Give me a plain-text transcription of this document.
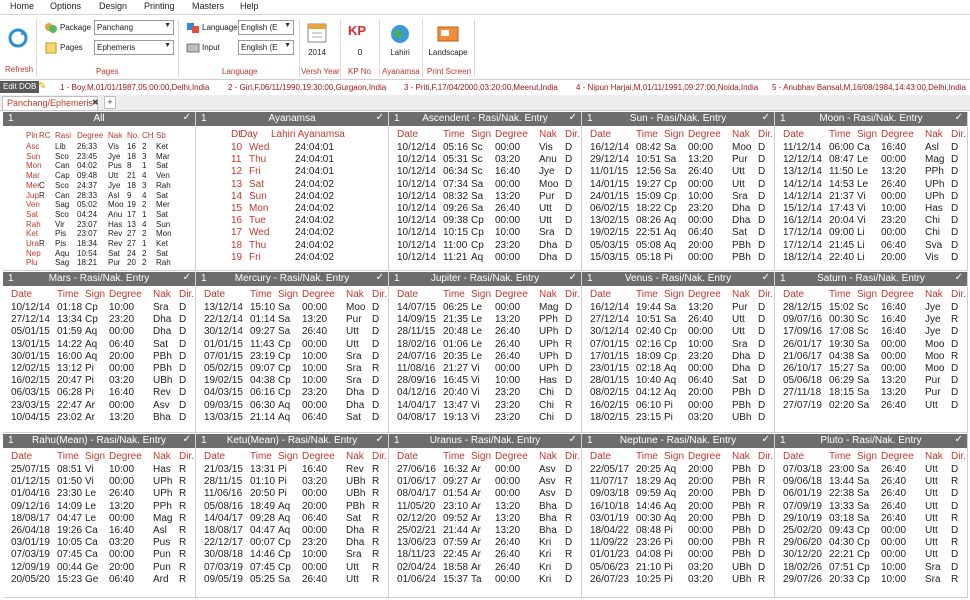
Home Options Design Printing Masters Help
Refresh
Package Panchang	▼
Pages	Ephemeris	▼
Pages
Language English (E ▼
Input	English (E ▼
Language
2014
Versh Year
KP
0
KP No
Lahiri
Ayanamsa
Landscape
Print Screen
Edit DOB ✎ 1 - Boy,M,01/01/1987,05:00:00,Delhi,India 2 - Girl,F,06/11/1990,19:30:00,Gurgaon,India 3 - Priti,F,17/04/2000,03:20:00,Meerut,India 4 - Nipun Harjai,M,01/11/1991,09:27:00,Noida,India 5 - Anubhav Bansal,M,16/08/1984,14:43:00,Delhi,India
Panchang/Ephemeris
✖ +
1	All	✓
Pln RC Rasi Degree Nak No. CH Sb
Asc Lib 26:33 Vis 16 2 Ket
Sun Sco 23:45 Jye 18 3 Mar
Mon Can 04:02 Pus 8 1 Sat
Mar Cap 09:48 Utt 21 4 Ven
Mer C Sco 24:37 Jye 18 3 Rah
Jup R Can 28:33 Asl 9 4 Sat
Ven Sag 05:02 Moo 19 2 Mer
Sat Sco 04:24 Anu 17 1 Sat
Rah Vir 23:07 Has 13 4 Sun
Ket Pis 23:07 Rev 27 2 Mon
Ura R Pis 18:34 Rev 27 1 Ket
Nep Aqu 10:54 Sat 24 2 Sat
Plu Sag 18:21 Pur 20 2 Rah
1	Ayanamsa	✓
Dt Day Lahiri Ayanamsa
10 Wed	24:04:01
11 Thu	24:04:01
12 Fri	24:04:01
13 Sat	24:04:02
14 Sun	24:04:02
15 Mon	24:04:02
16 Tue	24:04:02
17 Wed	24:04:02
18 Thu	24:04:02
19 Fri	24:04:02
1	Ascendent - Rasi/Nak. Entry	✓
Date Time Sign Degree Nak Dir.
10/12/14 05:16 Sc 00:00 Vis D
10/12/14 05:31 Sc 03:20 Anu D
10/12/14 06:34 Sc 16:40 Jye D
10/12/14 07:34 Sa 00:00 Moo D
10/12/14 08:32 Sa 13:20 Pur D
10/12/14 09:26 Sa 26:40 Utt D
10/12/14 09:38 Cp 00:00 Utt D
10/12/14 10:15 Cp 10:00 Sra D
10/12/14 11:00 Cp 23:20 Dha D
10/12/14 11:21 Aq 00:00 Dha D
1	Sun - Rasi/Nak. Entry	✓
Date Time Sign Degree Nak Dir.
16/12/14 08:42 Sa 00:00 Moo D
29/12/14 10:51 Sa 13:20 Pur D
11/01/15 12:56 Sa 26:40 Utt D
14/01/15 19:27 Cp 00:00 Utt D
24/01/15 15:09 Cp 10:00 Sra D
06/02/15 18:22 Cp 23:20 Dha D
13/02/15 08:26 Aq 00:00 Dha D
19/02/15 22:51 Aq 06:40 Sat D
05/03/15 05:08 Aq 20:00 PBh D
15/03/15 05:18 Pi 00:00 PBh D
1	Moon - Rasi/Nak. Entry	✓
Date Time Sign Degree Nak Dir.
11/12/14 06:00 Ca 16:40 Asl D
12/12/14 08:47 Le 00:00 Mag D
13/12/14 11:50 Le 13:20 PPh D
14/12/14 14:53 Le 26:40 UPh D
14/12/14 21:37 Vi 00:00 UPh D
15/12/14 17:43 Vi 10:00 Has D
16/12/14 20:04 Vi 23:20 Chi D
17/12/14 09:00 Li 00:00 Chi D
17/12/14 21:45 Li 06:40 Sva D
18/12/14 22:40 Li 20:00 Vis D
1	Mars - Rasi/Nak. Entry	✓
Date Time Sign Degree Nak Dir.
10/12/14 01:18 Cp 10:00 Sra D
27/12/14 13:34 Cp 23:20 Dha D
05/01/15 01:59 Aq 00:00 Dha D
13/01/15 14:22 Aq 06:40 Sat D
30/01/15 16:00 Aq 20:00 PBh D
12/02/15 13:12 Pi 00:00 PBh D
16/02/15 20:47 Pi 03:20 UBh D
06/03/15 06:28 Pi 16:40 Rev D
23/03/15 22:47 Ar 00:00 Asv D
10/04/15 23:02 Ar 13:20 Bha D
1	Mercury - Rasi/Nak. Entry	✓
Date Time Sign Degree Nak Dir.
13/12/14 15:10 Sa 00:00 Moo D
22/12/14 01:14 Sa 13:20 Pur D
30/12/14 09:27 Sa 26:40 Utt D
01/01/15 11:43 Cp 00:00 Utt D
07/01/15 23:19 Cp 10:00 Sra D
05/02/15 09:07 Cp 10:00 Sra R
19/02/15 04:38 Cp 10:00 Sra D
04/03/15 06:16 Cp 23:20 Dha D
09/03/15 06:30 Aq 00:00 Dha D
13/03/15 21:14 Aq 06:40 Sat D
1	Jupiter - Rasi/Nak. Entry	✓
Date Time Sign Degree Nak Dir.
14/07/15 06:25 Le 00:00 Mag D
14/09/15 21:35 Le 13:20 PPh D
28/11/15 20:48 Le 26:40 UPh D
18/02/16 01:06 Le 26:40 UPh R
24/07/16 20:35 Le 26:40 UPh D
11/08/16 21:27 Vi 00:00 UPh D
28/09/16 16:45 Vi 10:00 Has D
04/12/16 20:40 Vi 23:20 Chi D
14/04/17 13:47 Vi 23:20 Chi R
04/08/17 19:13 Vi 23:20 Chi D
1	Venus - Rasi/Nak. Entry	✓
Date Time Sign Degree Nak Dir.
16/12/14 19:44 Sa 13:20 Pur D
27/12/14 10:51 Sa 26:40 Utt D
30/12/14 02:40 Cp 00:00 Utt D
07/01/15 02:16 Cp 10:00 Sra D
17/01/15 18:09 Cp 23:20 Dha D
23/01/15 02:18 Aq 00:00 Dha D
28/01/15 10:40 Aq 06:40 Sat D
08/02/15 04:12 Aq 20:00 PBh D
16/02/15 06:10 Pi 00:00 PBh D
18/02/15 23:15 Pi 03:20 UBh D
1	Saturn - Rasi/Nak. Entry	✓
Date Time Sign Degree Nak Dir.
28/12/15 15:02 Sc 16:40 Jye D
09/07/16 00:30 Sc 16:40 Jye R
17/09/16 17:08 Sc 16:40 Jye D
26/01/17 19:30 Sa 00:00 Moo D
21/06/17 04:38 Sa 00:00 Moo R
26/10/17 15:27 Sa 00:00 Moo D
05/06/18 06:29 Sa 13:20 Pur D
27/11/18 18:15 Sa 13:20 Pur D
27/07/19 02:20 Sa 26:40 Utt D
1	Rahu(Mean) - Rasi/Nak. Entry	✓
Date Time Sign Degree Nak Dir.
25/07/15 08:51 Vi 10:00 Has R
01/12/15 01:50 Vi 00:00 UPh R
01/04/16 23:30 Le 26:40 UPh R
09/12/16 14:09 Le 13:20 PPh R
18/08/17 04:47 Le 00:00 Mag R
26/04/18 19:26 Ca 16:40 Asl R
03/01/19 10:05 Ca 03:20 Pus R
07/03/19 07:45 Ca 00:00 Pun R
12/09/19 00:44 Ge 20:00 Pun R
20/05/20 15:23 Ge 06:40 Ard R
1	Ketu(Mean) - Rasi/Nak. Entry	✓
Date Time Sign Degree Nak Dir.
21/03/15 13:31 Pi 16:40 Rev R
28/11/15 01:10 Pi 03:20 UBh R
11/06/16 20:50 Pi 00:00 UBh R
05/08/16 18:49 Aq 20:00 PBh R
14/04/17 09:28 Aq 06:40 Sat R
18/08/17 04:47 Aq 00:00 Dha R
22/12/17 00:07 Cp 23:20 Dha R
30/08/18 14:46 Cp 10:00 Sra R
07/03/19 07:45 Cp 00:00 Utt R
09/05/19 05:25 Sa 26:40 Utt R
1	Uranus - Rasi/Nak. Entry	✓
Date Time Sign Degree Nak Dir.
27/06/16 16:32 Ar 00:00 Asv D
01/06/17 09:27 Ar 00:00 Asv R
08/04/17 01:54 Ar 00:00 Asv D
11/05/20 23:10 Ar 13:20 Bha D
02/12/20 09:52 Ar 13:20 Bha R
25/02/21 21:44 Ar 13:20 Bha D
13/06/23 07:59 Ar 26:40 Kri D
18/11/23 22:45 Ar 26:40 Kri R
02/04/24 18:58 Ar 26:40 Kri D
01/06/24 15:37 Ta 00:00 Kri D
1	Neptune - Rasi/Nak. Entry	✓
Date Time Sign Degree Nak Dir.
22/05/17 20:25 Aq 20:00 PBh D
11/07/17 18:29 Aq 20:00 PBh R
09/03/18 09:59 Aq 20:00 PBh D
16/10/18 14:46 Aq 20:00 PBh R
03/01/19 00:30 Aq 20:00 PBh D
18/04/22 08:48 Pi 00:00 PBh D
11/09/22 23:26 Pi 00:00 PBh R
01/01/23 04:08 Pi 00:00 PBh D
05/06/23 21:10 Pi 03:20 UBh D
26/07/23 10:25 Pi 03:20 UBh R
1	Pluto - Rasi/Nak. Entry	✓
Date Time Sign Degree Nak Dir.
07/03/18 23:00 Sa 26:40 Utt D
09/06/18 13:44 Sa 26:40 Utt R
06/01/19 22:38 Sa 26:40 Utt D
07/09/19 13:33 Sa 26:40 Utt D
29/10/19 03:18 Sa 26:40 Utt R
25/02/20 09:43 Cp 00:00 Utt D
29/06/20 04:30 Cp 00:00 Utt R
30/12/20 22:21 Cp 00:00 Utt D
18/02/26 07:51 Cp 10:00 Sra D
29/07/26 20:33 Cp 10:00 Sra R
